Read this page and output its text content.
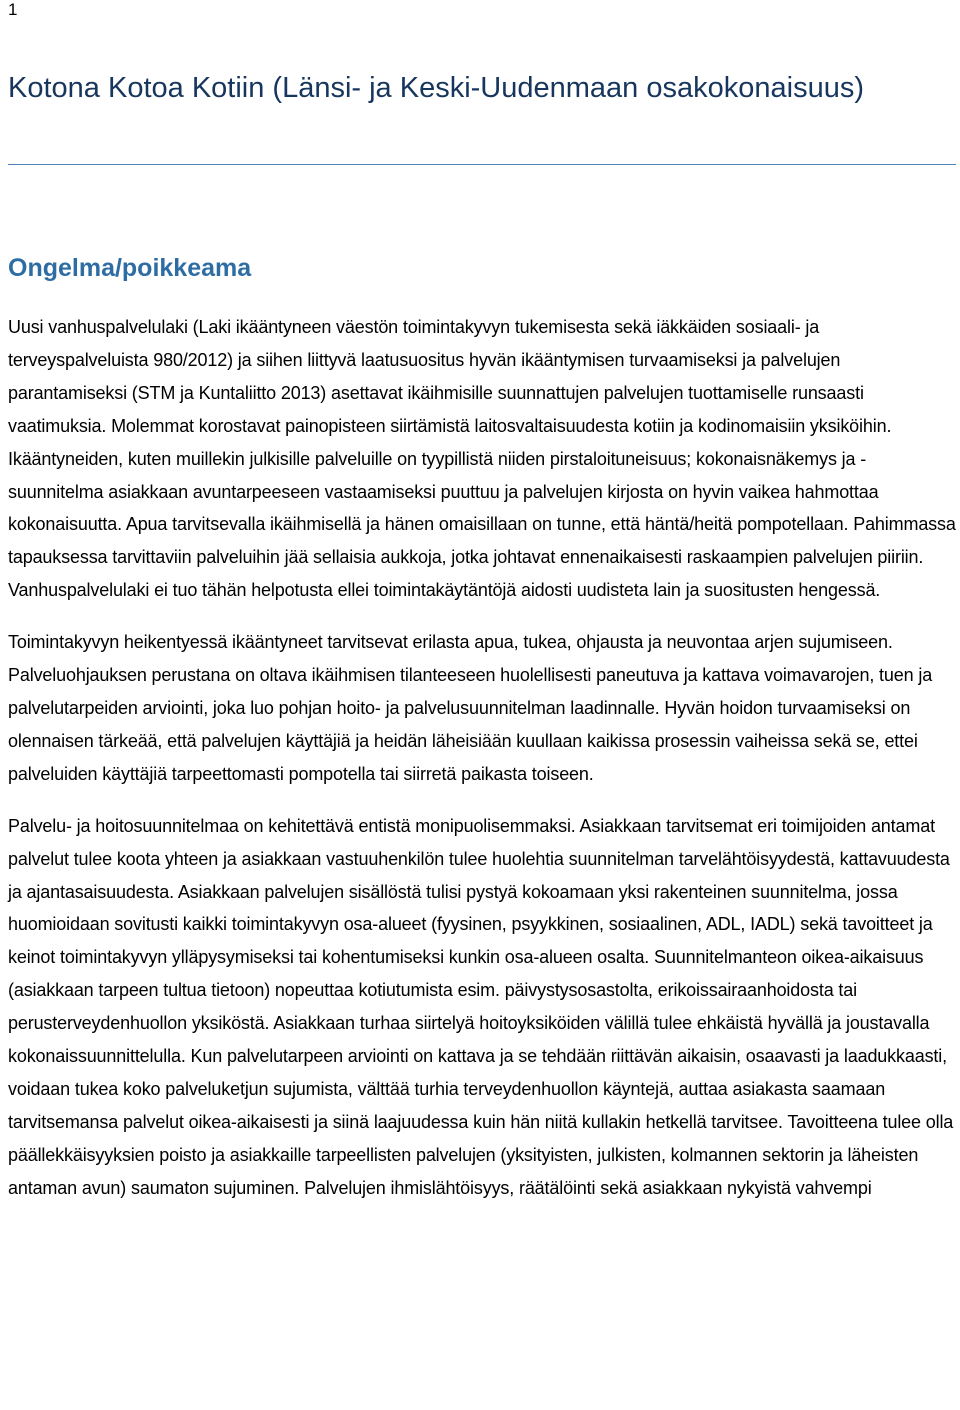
1
Kotona Kotoa Kotiin (Länsi- ja Keski-Uudenmaan osakokonaisuus)
Ongelma/poikkeama

Uusi vanhuspalvelulaki (Laki ikääntyneen väestön toimintakyvyn tukemisesta sekä iäkkäiden sosiaali- ja terveyspalveluista 980/2012) ja siihen liittyvä laatusuositus hyvän ikääntymisen turvaamiseksi ja palvelujen parantamiseksi (STM ja Kuntaliitto 2013) asettavat ikäihmisille suunnattujen palvelujen tuottamiselle runsaasti vaatimuksia. Molemmat korostavat painopisteen siirtämistä laitosvaltaisuudesta kotiin ja kodinomaisiin yksiköihin. Ikääntyneiden, kuten muillekin julkisille palveluille on tyypillistä niiden pirstaloituneisuus; kokonaisnäkemys ja -suunnitelma asiakkaan avuntarpeeseen vastaamiseksi puuttuu ja palvelujen kirjosta on hyvin vaikea hahmottaa kokonaisuutta. Apua tarvitsevalla ikäihmisellä ja hänen omaisillaan on tunne, että häntä/heitä pompotellaan. Pahimmassa tapauksessa tarvittaviin palveluihin jää sellaisia aukkoja, jotka johtavat ennenaikaisesti raskaampien palvelujen piiriin. Vanhuspalvelulaki ei tuo tähän helpotusta ellei toimintakäytäntöjä aidosti uudisteta lain ja suositusten hengessä.

Toimintakyvyn heikentyessä ikääntyneet tarvitsevat erilasta apua, tukea, ohjausta ja neuvontaa arjen sujumiseen. Palveluohjauksen perustana on oltava ikäihmisen tilanteeseen huolellisesti paneutuva ja kattava voimavarojen, tuen ja palvelutarpeiden arviointi, joka luo pohjan hoito- ja palvelusuunnitelman laadinnalle. Hyvän hoidon turvaamiseksi on olennaisen tärkeää, että palvelujen käyttäjiä ja heidän läheisiään kuullaan kaikissa prosessin vaiheissa sekä se, ettei palveluiden käyttäjiä tarpeettomasti pompotella tai siirretä paikasta toiseen.

Palvelu- ja hoitosuunnitelmaa on kehitettävä entistä monipuolisemmaksi. Asiakkaan tarvitsemat eri toimijoiden antamat palvelut tulee koota yhteen ja asiakkaan vastuuhenkilön tulee huolehtia suunnitelman tarvelähtöisyydestä, kattavuudesta ja ajantasaisuudesta. Asiakkaan palvelujen sisällöstä tulisi pystyä kokoamaan yksi rakenteinen suunnitelma, jossa huomioidaan sovitusti kaikki toimintakyvyn osa-alueet (fyysinen, psyykkinen, sosiaalinen, ADL, IADL) sekä tavoitteet ja keinot toimintakyvyn ylläpysymiseksi tai kohentumiseksi kunkin osa-alueen osalta. Suunnitelmanteon oikea-aikaisuus (asiakkaan tarpeen tultua tietoon) nopeuttaa kotiutumista esim. päivystysosastolta, erikoissairaanhoidosta tai perusterveydenhuollon yksiköstä. Asiakkaan turhaa siirtelyä hoitoyksiköiden välillä tulee ehkäistä hyvällä ja joustavalla kokonaissuunnittelulla. Kun palvelutarpeen arviointi on kattava ja se tehdään riittävän aikaisin, osaavasti ja laadukkaasti, voidaan tukea koko palveluketjun sujumista, välttää turhia terveydenhuollon käyntejä, auttaa asiakasta saamaan tarvitsemansa palvelut oikea-aikaisesti ja siinä laajuudessa kuin hän niitä kullakin hetkellä tarvitsee. Tavoitteena tulee olla päällekkäisyyksien poisto ja asiakkaille tarpeellisten palvelujen (yksityisten, julkisten, kolmannen sektorin ja läheisten antaman avun) saumaton sujuminen. Palvelujen ihmislähtöisyys, räätälöinti sekä asiakkaan nykyistä vahvempi
